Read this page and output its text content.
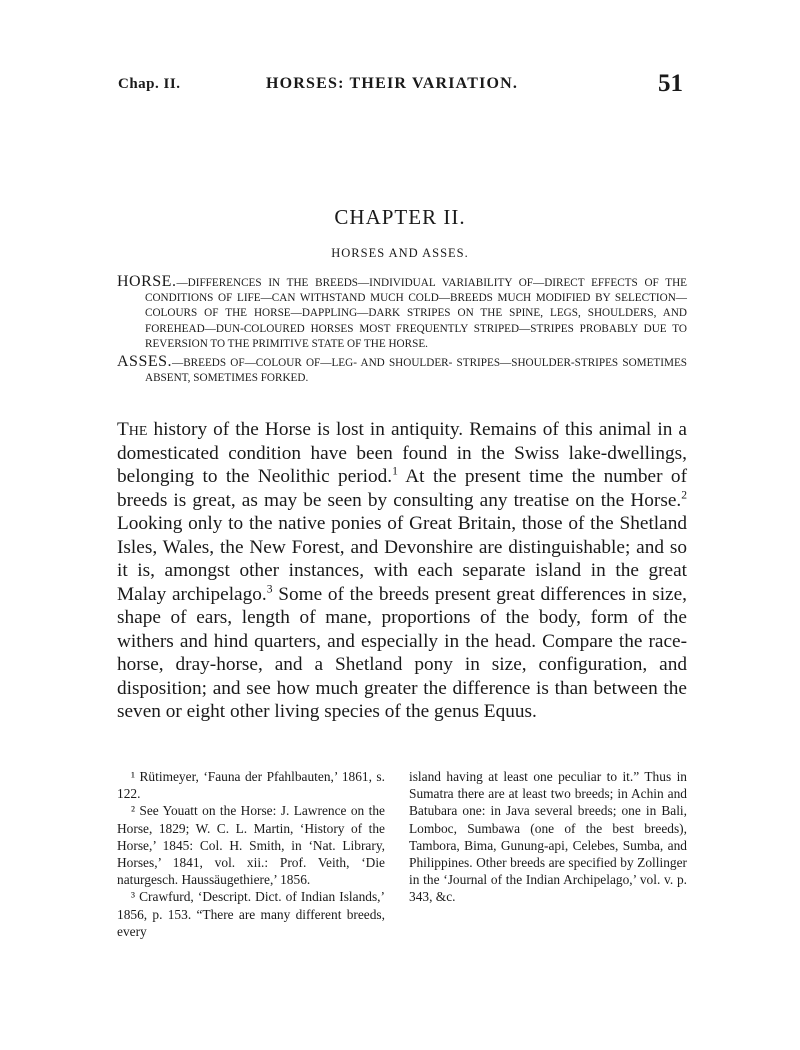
Chap. II.	HORSES: THEIR VARIATION.	51
CHAPTER II.
HORSES AND ASSES.

HORSE.—DIFFERENCES IN THE BREEDS—INDIVIDUAL VARIABILITY OF—DIRECT EFFECTS OF THE CONDITIONS OF LIFE—CAN WITHSTAND MUCH COLD—BREEDS MUCH MODIFIED BY SELECTION—COLOURS OF THE HORSE—DAPPLING—DARK STRIPES ON THE SPINE, LEGS, SHOULDERS, AND FOREHEAD—DUN-COLOURED HORSES MOST FREQUENTLY STRIPED—STRIPES PROBABLY DUE TO REVERSION TO THE PRIMITIVE STATE OF THE HORSE.

ASSES.—BREEDS OF—COLOUR OF—LEG- AND SHOULDER- STRIPES—SHOULDER-STRIPES SOMETIMES ABSENT, SOMETIMES FORKED.

The history of the Horse is lost in antiquity. Remains of this animal in a domesticated condition have been found in the Swiss lake-dwellings, belonging to the Neolithic period.$^1$ At the present time the number of breeds is great, as may be seen by consulting any treatise on the Horse.$^2$ Looking only to the native ponies of Great Britain, those of the Shetland Isles, Wales, the New Forest, and Devonshire are distinguishable; and so it is, amongst other instances, with each separate island in the great Malay archipelago.$^3$ Some of the breeds present great differences in size, shape of ears, length of mane, proportions of the body, form of the withers and hind quarters, and especially in the head. Compare the race-horse, dray-horse, and a Shetland pony in size, configuration, and disposition; and see how much greater the difference is than between the seven or eight other living species of the genus Equus.

¹ Rütimeyer, ‘Fauna der Pfahlbauten,’ 1861, s. 122.

² See Youatt on the Horse: J. Lawrence on the Horse, 1829; W. C. L. Martin, ‘History of the Horse,’ 1845: Col. H. Smith, in ‘Nat. Library, Horses,’ 1841, vol. xii.: Prof. Veith, ‘Die naturgesch. Haussäugethiere,’ 1856.

³ Crawfurd, ‘Descript. Dict. of Indian Islands,’ 1856, p. 153. “There are many different breeds, every

island having at least one peculiar to it.” Thus in Sumatra there are at least two breeds; in Achin and Batubara one: in Java several breeds; one in Bali, Lomboc, Sumbawa (one of the best breeds), Tambora, Bima, Gunung-api, Celebes, Sumba, and Philippines. Other breeds are specified by Zollinger in the ‘Journal of the Indian Archipelago,’ vol. v. p. 343, &c.
